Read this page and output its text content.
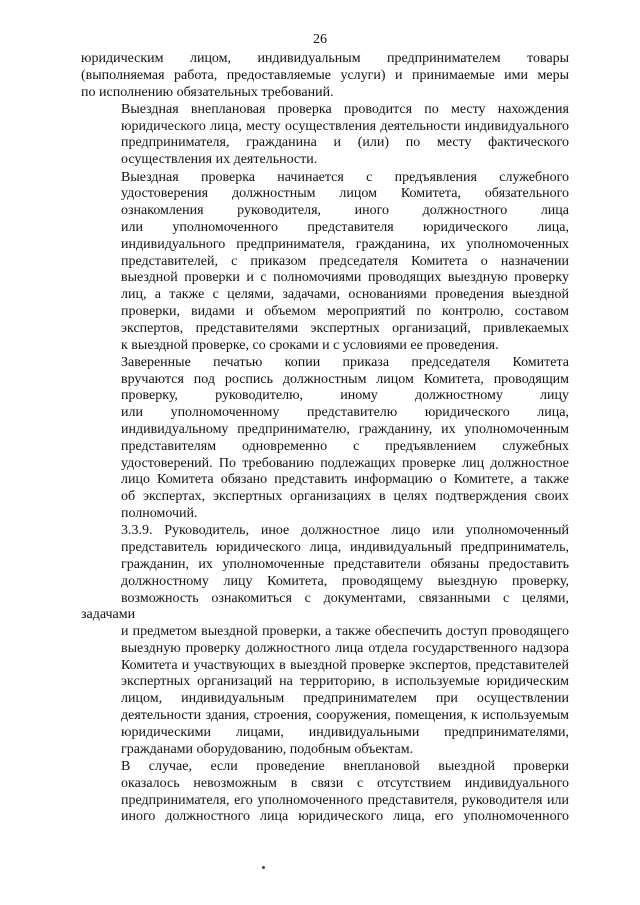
26
юридическим лицом, индивидуальным предпринимателем товары
(выполняемая работа, предоставляемые услуги) и принимаемые ими меры
по исполнению обязательных требований.
Выездная внеплановая проверка проводится по месту нахождения
юридического лица, месту осуществления деятельности индивидуального
предпринимателя, гражданина и (или) по месту фактического
осуществления их деятельности.
Выездная проверка начинается с предъявления служебного
удостоверения должностным лицом Комитета, обязательного
ознакомления руководителя, иного должностного лица
или уполномоченного представителя юридического лица,
индивидуального предпринимателя, гражданина, их уполномоченных
представителей, с приказом председателя Комитета о назначении
выездной проверки и с полномочиями проводящих выездную проверку
лиц, а также с целями, задачами, основаниями проведения выездной
проверки, видами и объемом мероприятий по контролю, составом
экспертов, представителями экспертных организаций, привлекаемых
к выездной проверке, со сроками и с условиями ее проведения.
Заверенные печатью копии приказа председателя Комитета
вручаются под роспись должностным лицом Комитета, проводящим
проверку, руководителю, иному должностному лицу
или уполномоченному представителю юридического лица,
индивидуальному предпринимателю, гражданину, их уполномоченным
представителям одновременно с предъявлением служебных
удостоверений. По требованию подлежащих проверке лиц должностное
лицо Комитета обязано представить информацию о Комитете, а также
об экспертах, экспертных организациях в целях подтверждения своих
полномочий.
3.3.9. Руководитель, иное должностное лицо или уполномоченный
представитель юридического лица, индивидуальный предприниматель,
гражданин, их уполномоченные представители обязаны предоставить
должностному лицу Комитета, проводящему выездную проверку,
возможность ознакомиться с документами, связанными с целями, задачами
и предметом выездной проверки, а также обеспечить доступ проводящего
выездную проверку должностного лица отдела государственного надзора
Комитета и участвующих в выездной проверке экспертов, представителей
экспертных организаций на территорию, в используемые юридическим
лицом, индивидуальным предпринимателем при осуществлении
деятельности здания, строения, сооружения, помещения, к используемым
юридическими лицами, индивидуальными предпринимателями,
гражданами оборудованию, подобным объектам.
В случае, если проведение внеплановой выездной проверки
оказалось невозможным в связи с отсутствием индивидуального
предпринимателя, его уполномоченного представителя, руководителя или
иного должностного лица юридического лица, его уполномоченного
